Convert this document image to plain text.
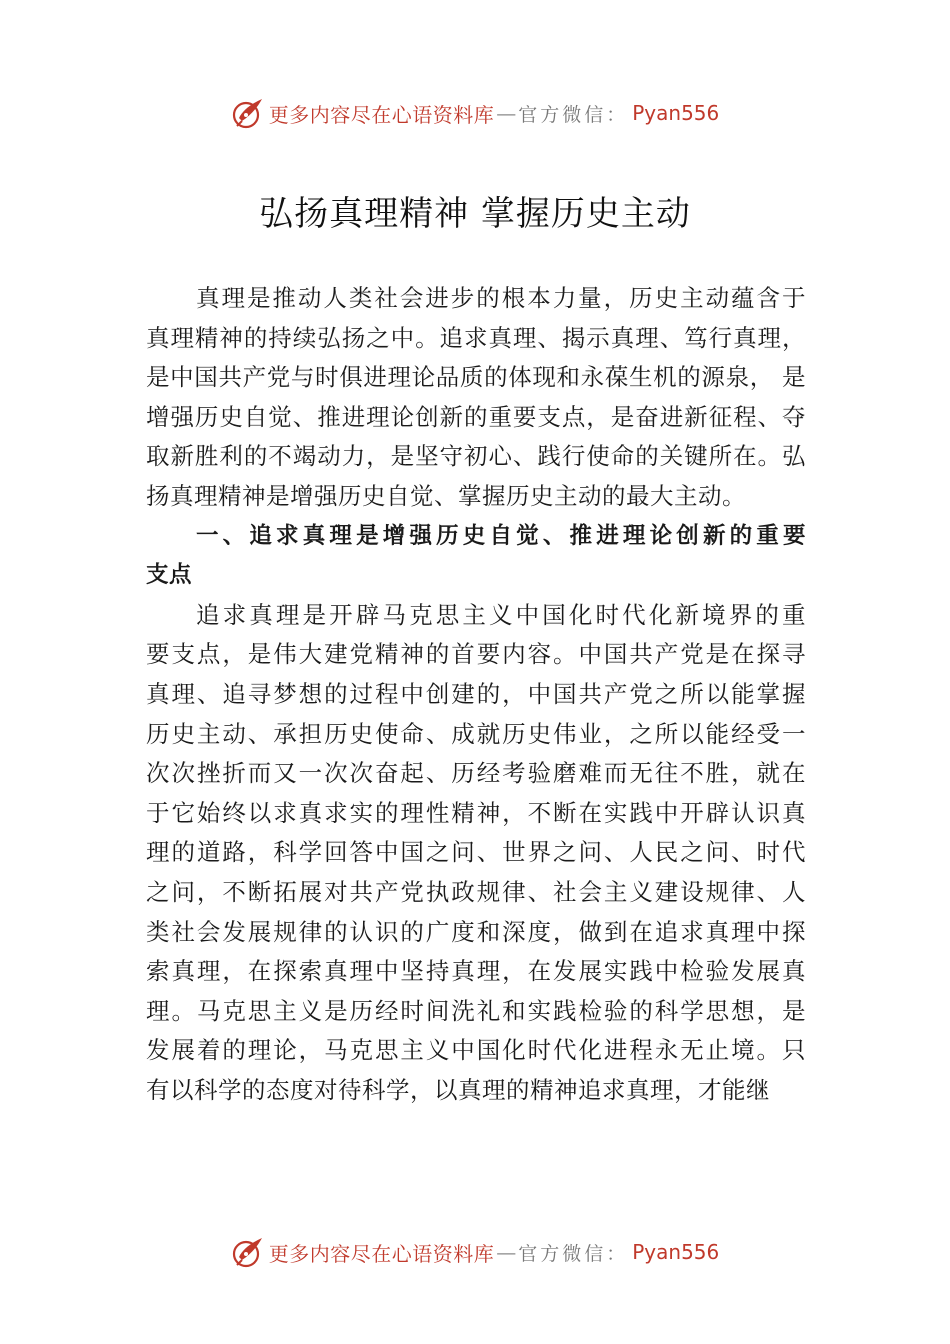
更多内容尽在心语资料库 — 官方微信： Pyan556
弘扬真理精神 掌握历史主动
真理是推动人类社会进步的根本力量，历史主动蕴含于
真理精神的持续弘扬之中。追求真理、揭示真理、笃行真理，
是中国共产党与时俱进理论品质的体现和永葆生机的源泉， 是
增强历史自觉、推进理论创新的重要支点，是奋进新征程、夺
取新胜利的不竭动力，是坚守初心、践行使命的关键所在。弘
扬真理精神是增强历史自觉、掌握历史主动的最大主动。
一、追求真理是增强历史自觉、推进理论创新的重要
支点
追求真理是开辟马克思主义中国化时代化新境界的重
要支点，是伟大建党精神的首要内容。中国共产党是在探寻
真理、追寻梦想的过程中创建的，中国共产党之所以能掌握
历史主动、承担历史使命、成就历史伟业，之所以能经受一
次次挫折而又一次次奋起、历经考验磨难而无往不胜，就在
于它始终以求真求实的理性精神，不断在实践中开辟认识真
理的道路，科学回答中国之问、世界之问、人民之问、时代
之问，不断拓展对共产党执政规律、社会主义建设规律、人
类社会发展规律的认识的广度和深度，做到在追求真理中探
索真理，在探索真理中坚持真理，在发展实践中检验发展真
理。马克思主义是历经时间洗礼和实践检验的科学思想，是
发展着的理论，马克思主义中国化时代化进程永无止境。只
有以科学的态度对待科学，以真理的精神追求真理，才能继
更多内容尽在心语资料库 — 官方微信： Pyan556
